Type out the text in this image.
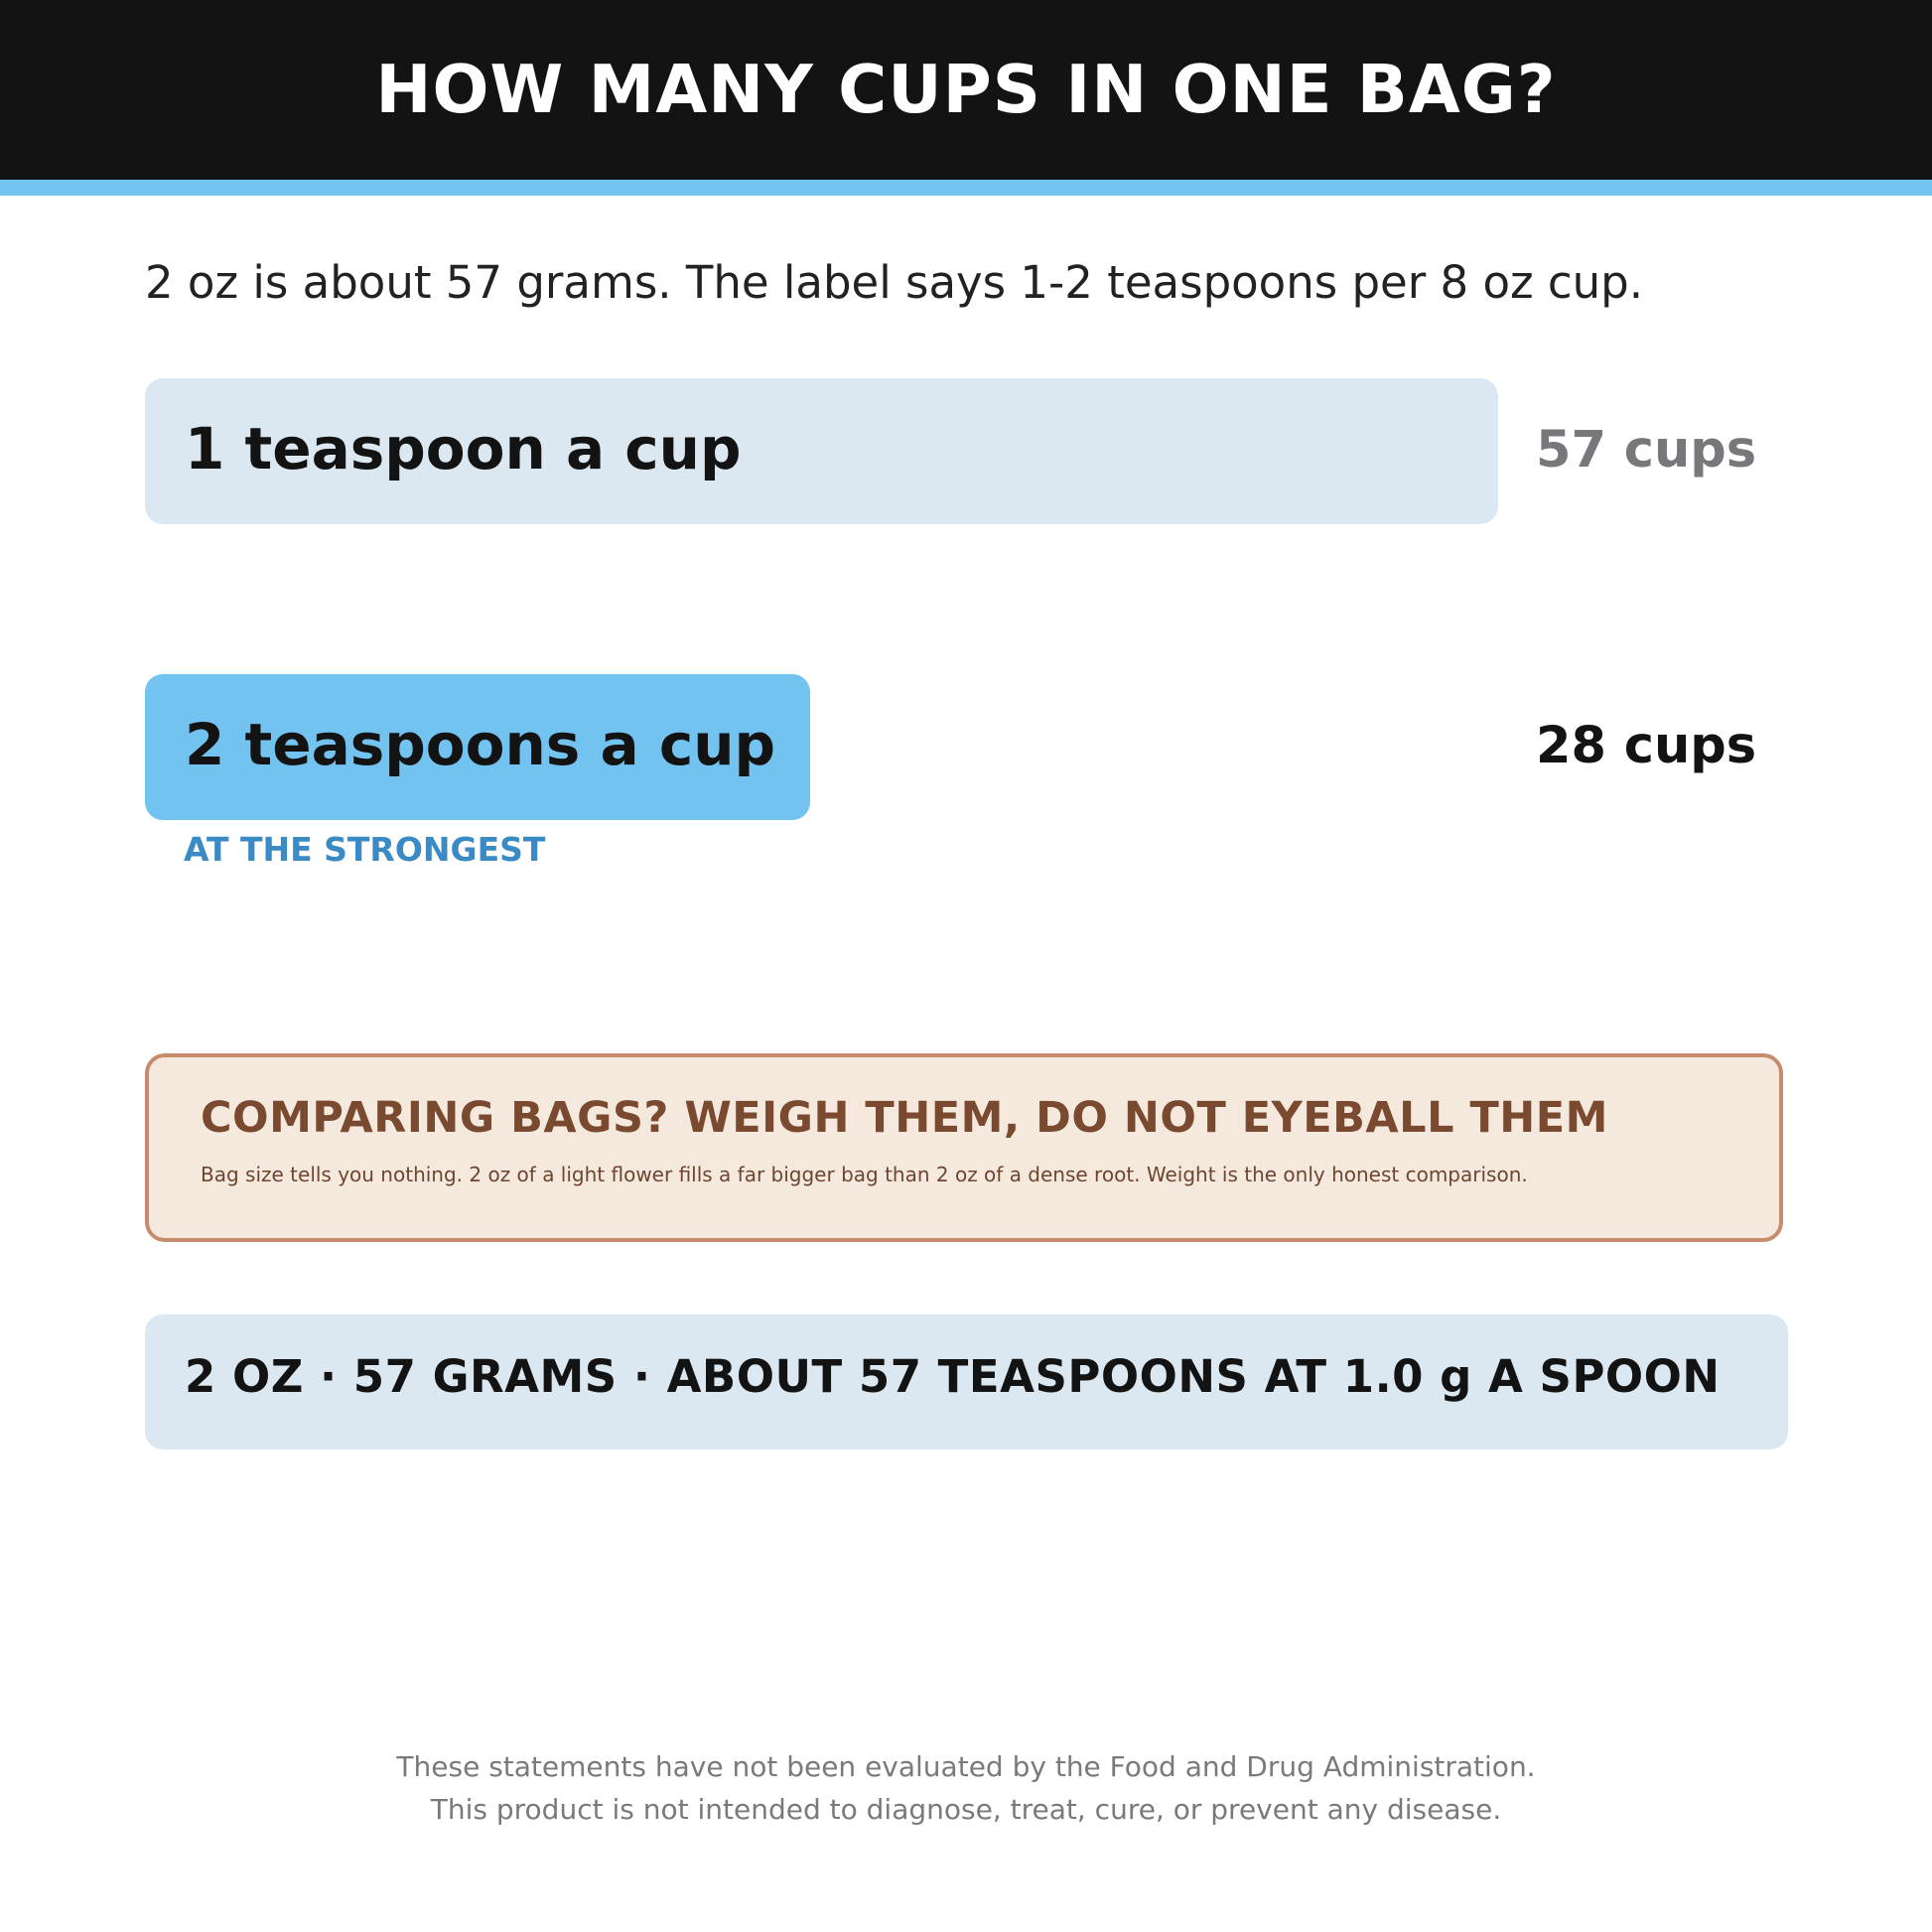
HOW MANY CUPS IN ONE BAG?
2 oz is about 57 grams. The label says 1-2 teaspoons per 8 oz cup.
1 teaspoon a cup	57 cups
2 teaspoons a cup	28 cups
AT THE STRONGEST
COMPARING BAGS? WEIGH THEM, DO NOT EYEBALL THEM
Bag size tells you nothing. 2 oz of a light flower fills a far bigger bag than 2 oz of a dense root. Weight is the only honest comparison.
2 OZ · 57 GRAMS · ABOUT 57 TEASPOONS AT 1.0 g A SPOON
These statements have not been evaluated by the Food and Drug Administration.
This product is not intended to diagnose, treat, cure, or prevent any disease.
